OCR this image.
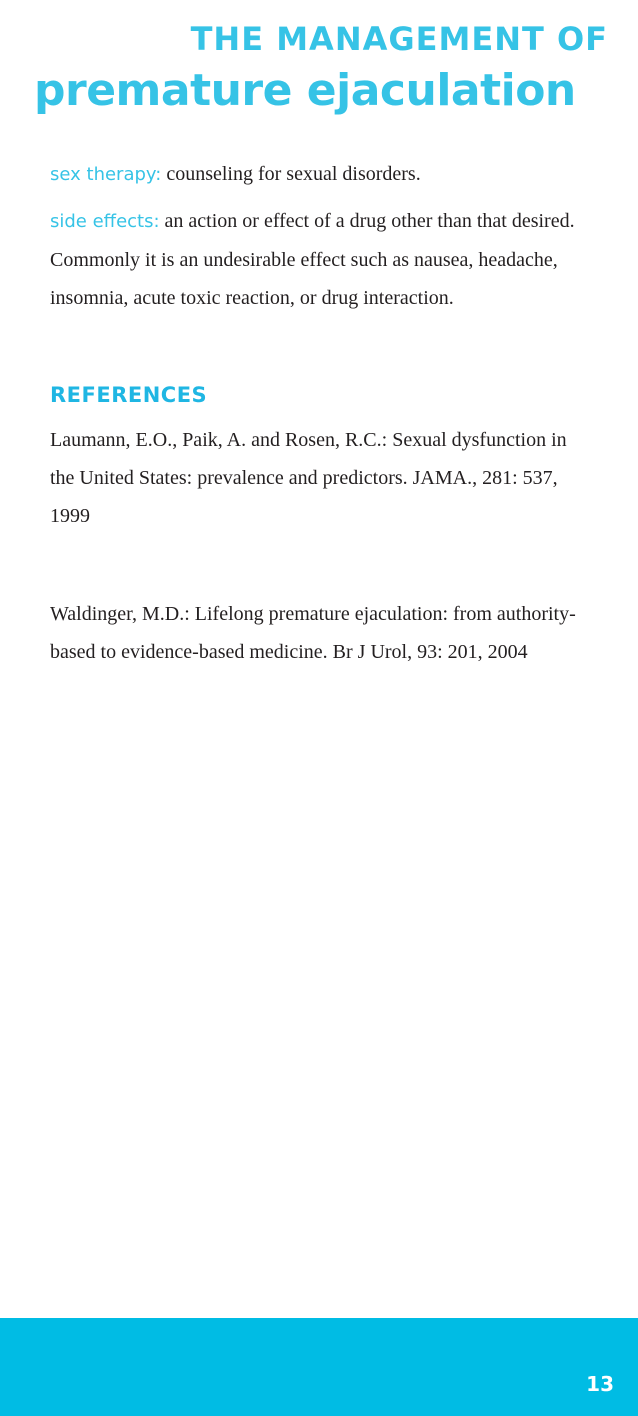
THE MANAGEMENT OF
premature ejaculation

sex therapy: counseling for sexual disorders.

side effects: an action or effect of a drug other than that desired. Commonly it is an undesirable effect such as nausea, headache, insomnia, acute toxic reaction, or drug interaction.

REFERENCES

Laumann, E.O., Paik, A. and Rosen, R.C.: Sexual dysfunction in the United States: prevalence and predictors. JAMA., 281: 537, 1999

Waldinger, M.D.: Lifelong premature ejaculation: from authority-based to evidence-based medicine. Br J Urol, 93: 201, 2004

13
